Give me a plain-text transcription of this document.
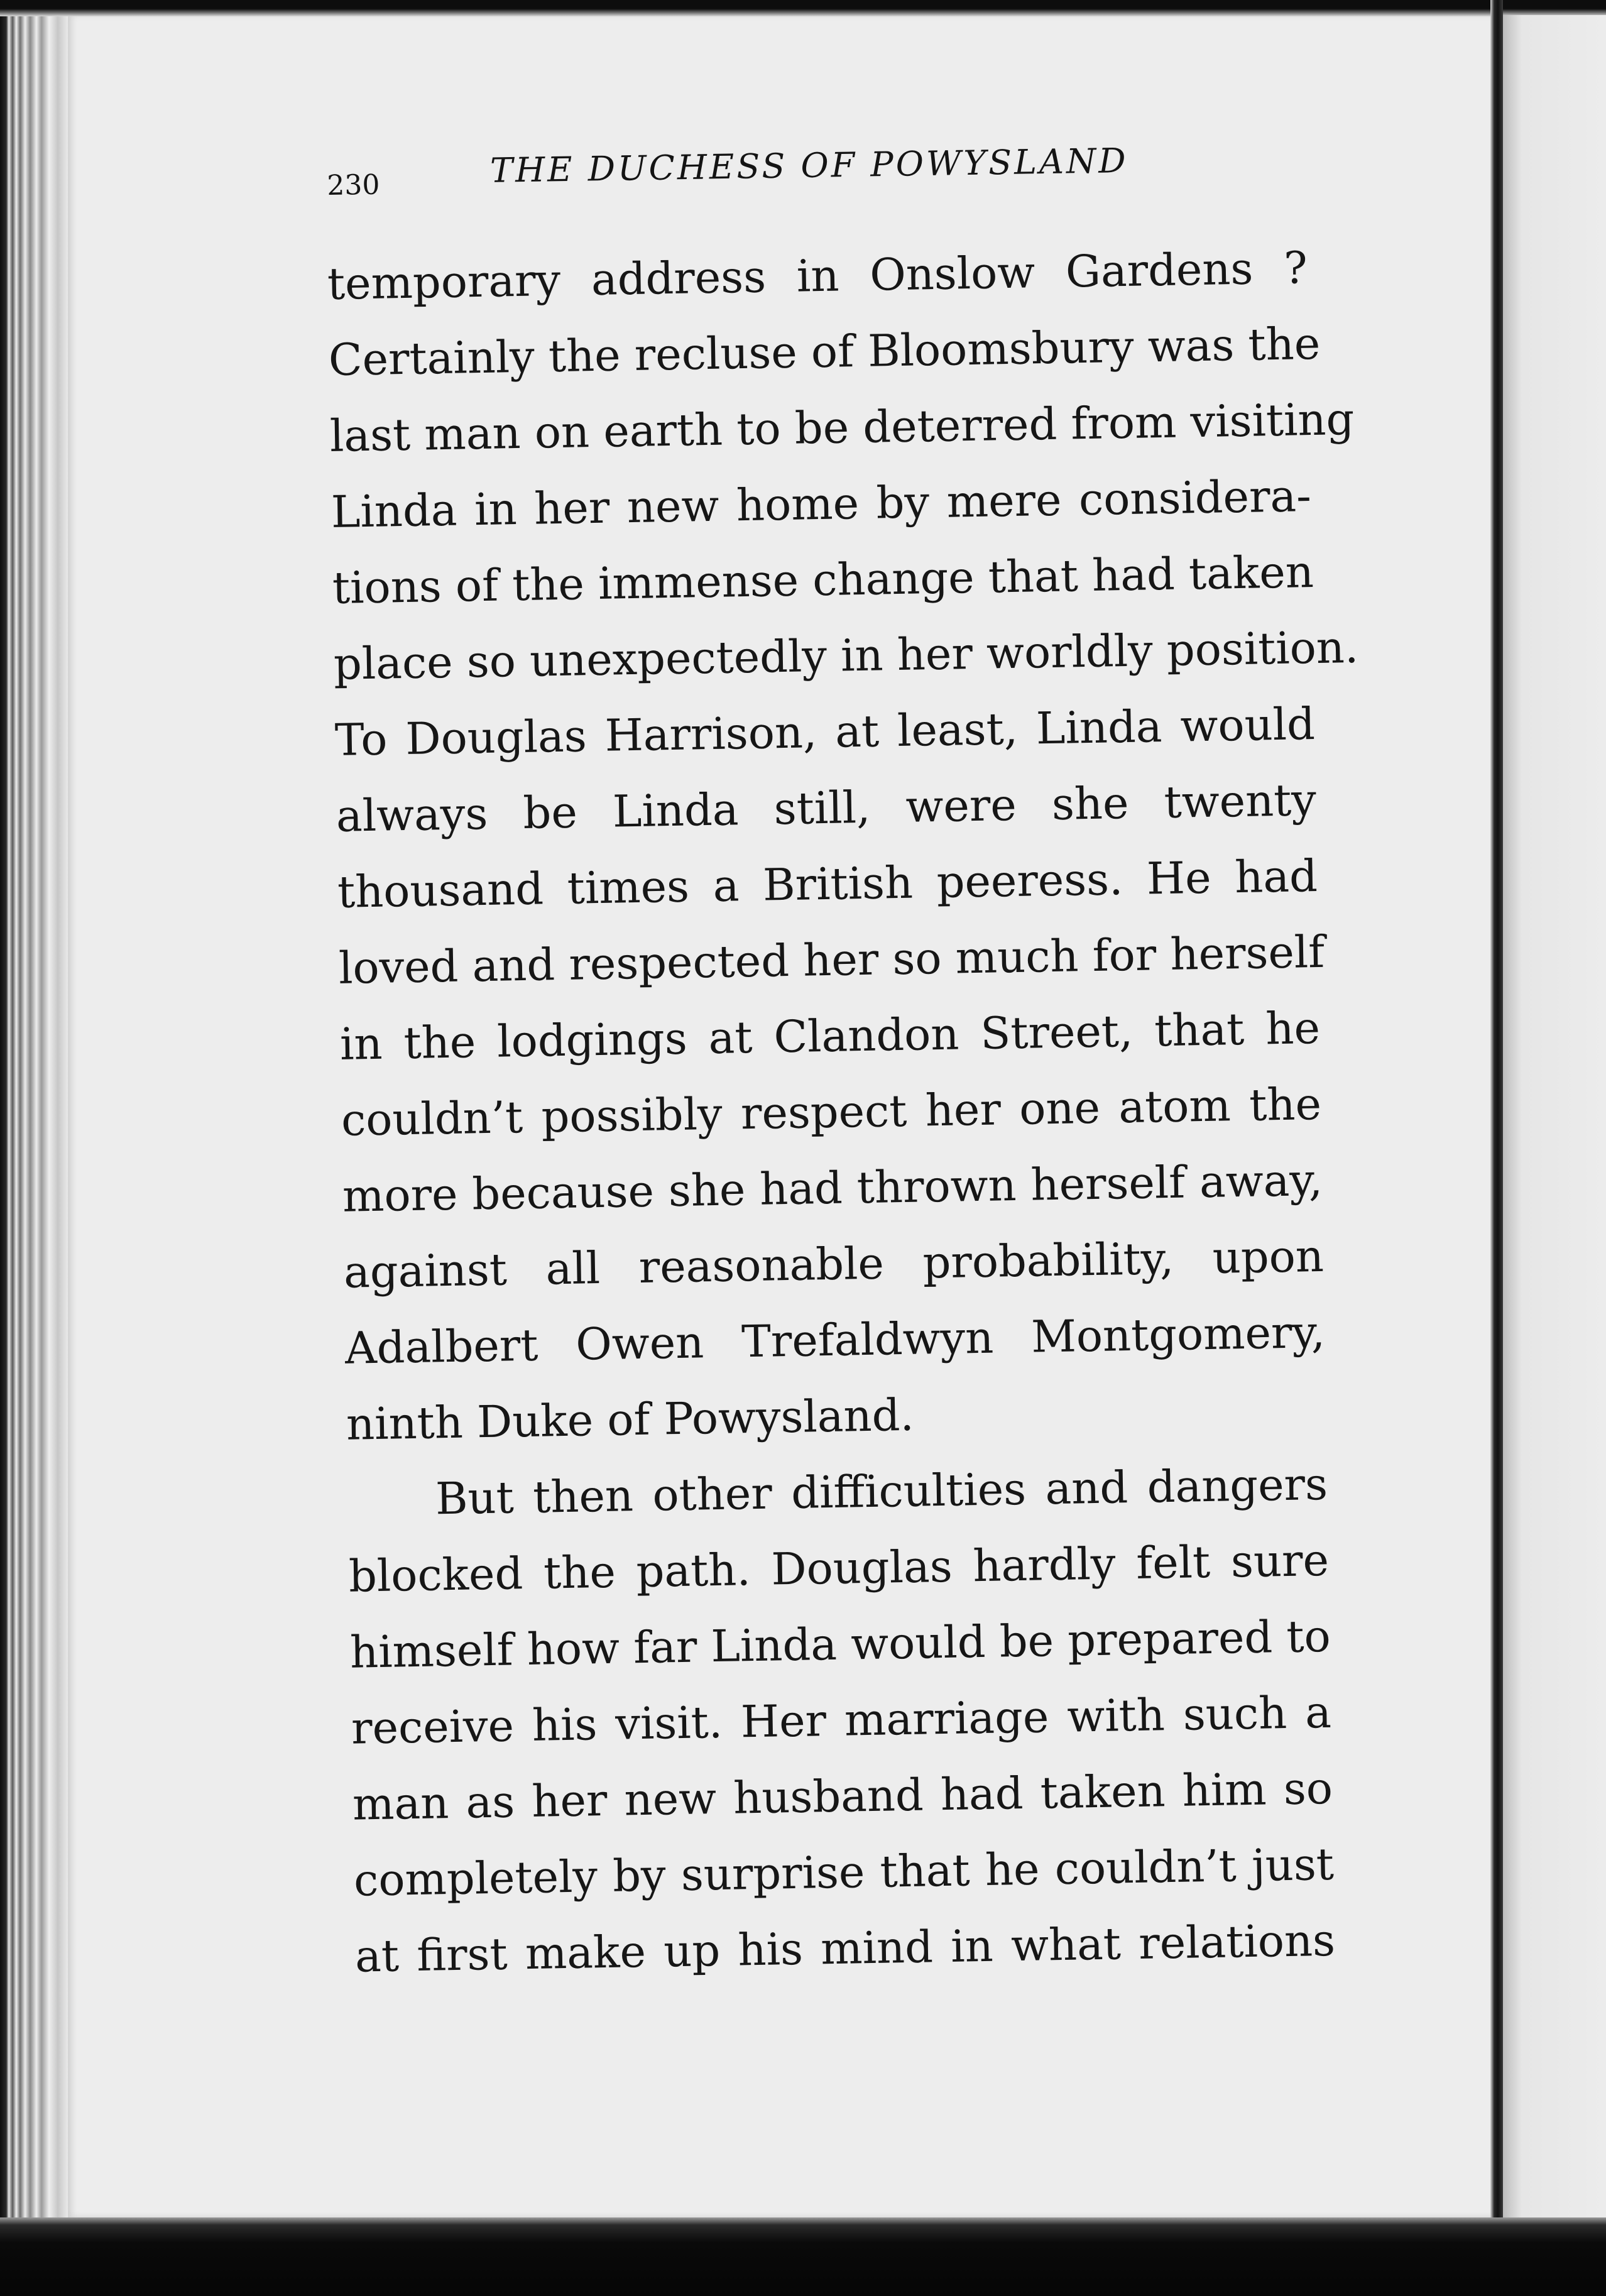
230	THE DUCHESS OF POWYSLAND
temporary address in Onslow Gardens ?
Certainly the recluse of Bloomsbury was the
last man on earth to be deterred from visiting
Linda in her new home by mere considera-
tions of the immense change that had taken
place so unexpectedly in her worldly position.
To Douglas Harrison, at least, Linda would
always be Linda still, were she twenty
thousand times a British peeress. He had
loved and respected her so much for herself
in the lodgings at Clandon Street, that he
couldn’t possibly respect her one atom the
more because she had thrown herself away,
against all reasonable probability, upon
Adalbert Owen Trefaldwyn Montgomery,
ninth Duke of Powysland.
But then other difficulties and dangers
blocked the path. Douglas hardly felt sure
himself how far Linda would be prepared to
receive his visit. Her marriage with such a
man as her new husband had taken him so
completely by surprise that he couldn’t just
at first make up his mind in what relations
